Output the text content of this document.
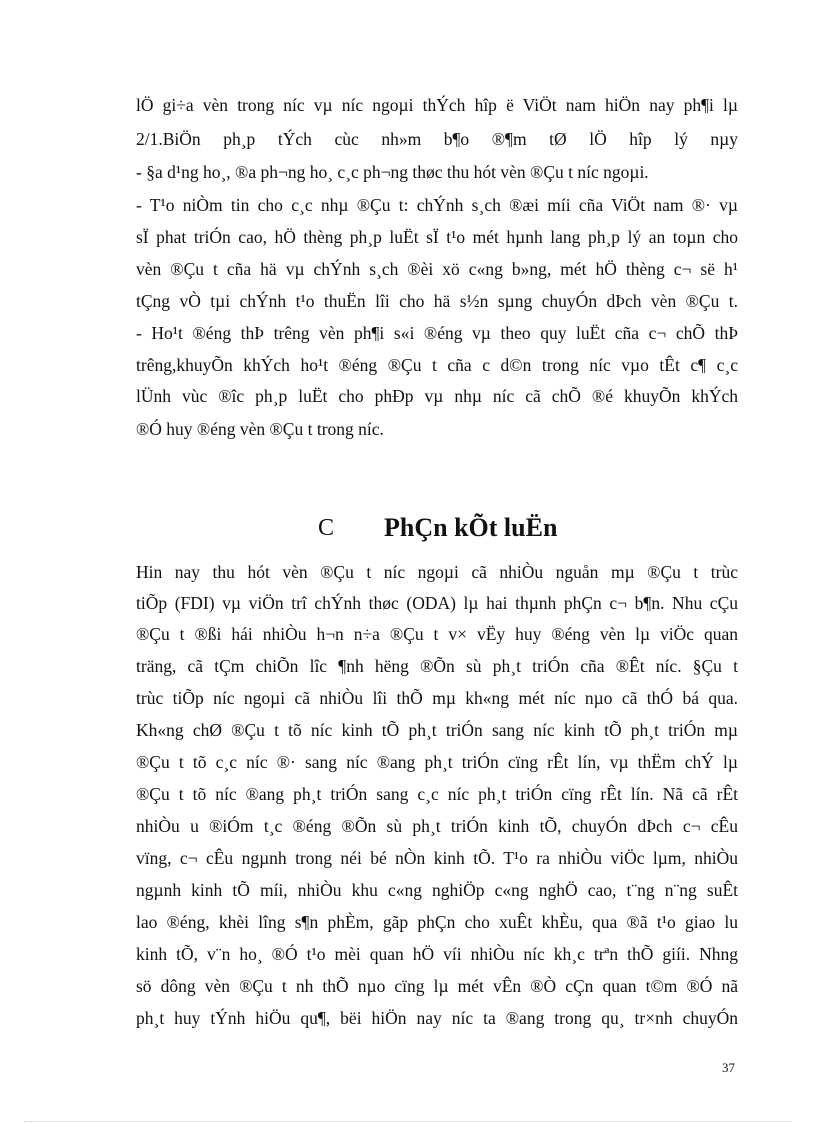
lÖ gi÷a vèn trong níc vµ níc ngoµi thÝch hîp ë ViÖt nam hiÖn nay ph¶i lµ
2/1.BiÖn ph¸p tÝch cùc nh»m b¶o ®¶m tØ lÖ hîp lý nµy
- §a d¹ng ho¸, ®a ph¬ng ho¸ c¸c ph¬ng thøc thu hót vèn ®Çu t níc ngoµi.
- T¹o niÒm tin cho c¸c nhµ ®Çu t: chÝnh s¸ch ®æi míi cña ViÖt nam ®· vµ
sÏ phat triÓn cao, hÖ thèng ph¸p luËt sÏ t¹o mét hµnh lang ph¸p lý an toµn cho
vèn ®Çu t cña hä vµ chÝnh s¸ch ®èi xö c«ng b»ng, mét hÖ thèng c¬ së h¹
tÇng vÒ tµi chÝnh t¹o thuËn lîi cho hä s½n sµng chuyÓn dÞch vèn ®Çu t.
- Ho¹t ®éng thÞ trêng vèn ph¶i s«i ®éng vµ theo quy luËt cña c¬ chÕ thÞ
trêng,khuyÕn khÝch ho¹t ®éng ®Çu t cña c d©n trong níc vµo tÊt c¶ c¸c
lÜnh vùc ®îc ph¸p luËt cho phÐp vµ nhµ níc cã chÕ ®é khuyÕn khÝch
®Ó huy ®éng vèn ®Çu t trong níc.
C PhÇn kÕt luËn
Hin nay thu hót vèn ®Çu t níc ngoµi cã nhiÒu nguån mµ ®Çu t trùc
tiÕp (FDI) vµ viÖn trî chÝnh thøc (ODA) lµ hai thµnh phÇn c¬ b¶n. Nhu cÇu
®Çu t ®ßi hái nhiÒu h¬n n÷a ®Çu t v× vËy huy ®éng vèn lµ viÖc quan
träng, cã tÇm chiÕn lîc ¶nh hëng ®Õn sù ph¸t triÓn cña ®Êt níc. §Çu t
trùc tiÕp níc ngoµi cã nhiÒu lîi thÕ mµ kh«ng mét níc nµo cã thÓ bá qua.
Kh«ng chØ ®Çu t tõ níc kinh tÕ ph¸t triÓn sang níc kinh tÕ ph¸t triÓn mµ
®Çu t tõ c¸c níc ®· sang níc ®ang ph¸t triÓn cïng rÊt lín, vµ thËm chÝ lµ
®Çu t tõ níc ®ang ph¸t triÓn sang c¸c níc ph¸t triÓn cïng rÊt lín. Nã cã rÊt
nhiÒu u ®iÓm t¸c ®éng ®Õn sù ph¸t triÓn kinh tÕ, chuyÓn dÞch c¬ cÊu
vïng, c¬ cÊu ngµnh trong néi bé nÒn kinh tÕ. T¹o ra nhiÒu viÖc lµm, nhiÒu
ngµnh kinh tÕ míi, nhiÒu khu c«ng nghiÖp c«ng nghÖ cao, t¨ng n¨ng suÊt
lao ®éng, khèi lîng s¶n phÈm, gãp phÇn cho xuÊt khÈu, qua ®ã t¹o giao lu
kinh tÕ, v¨n ho¸ ®Ó t¹o mèi quan hÖ víi nhiÒu níc kh¸c trªn thÕ giíi. Nhng
sö dông vèn ®Çu t nh thÕ nµo cïng lµ mét vÊn ®Ò cÇn quan t©m ®Ó nã
ph¸t huy tÝnh hiÖu qu¶, bëi hiÖn nay níc ta ®ang trong qu¸ tr×nh chuyÓn
37
